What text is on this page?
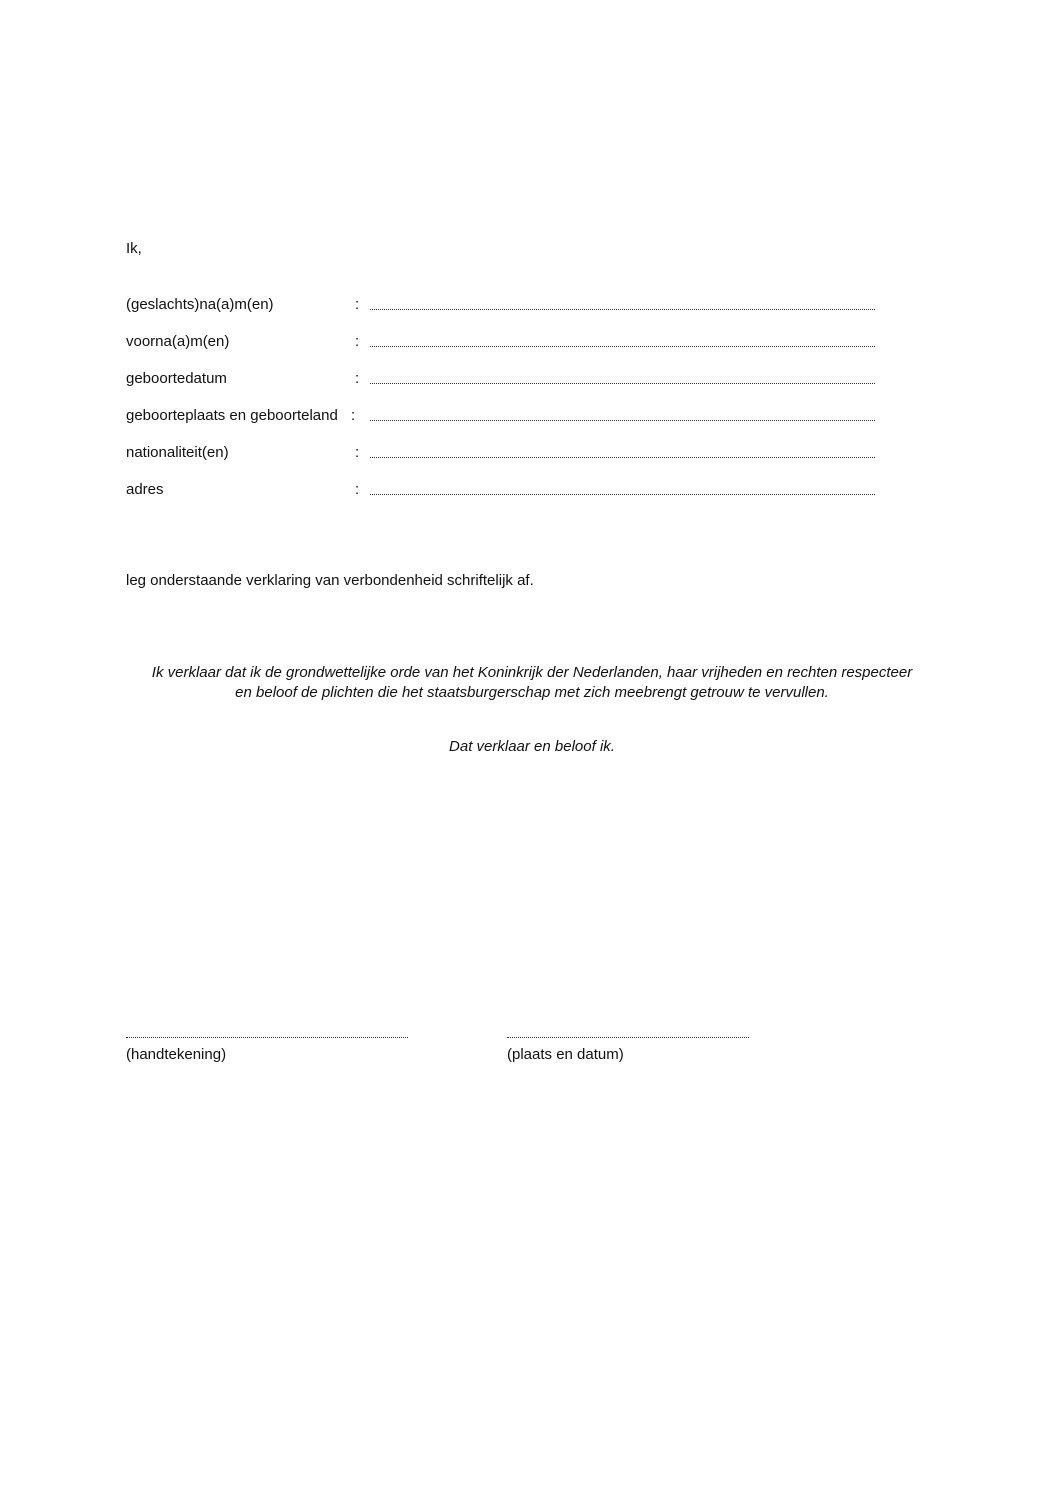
Ik,
(geslachts)na(a)m(en)	:
voorna(a)m(en)	:
geboortedatum	:
geboorteplaats en geboorteland :
nationaliteit(en)	:
adres	:
leg onderstaande verklaring van verbondenheid schriftelijk af.
Ik verklaar dat ik de grondwettelijke orde van het Koninkrijk der Nederlanden, haar vrijheden en rechten respecteer en beloof de plichten die het staatsburgerschap met zich meebrengt getrouw te vervullen.
Dat verklaar en beloof ik.
(handtekening)	(plaats en datum)
